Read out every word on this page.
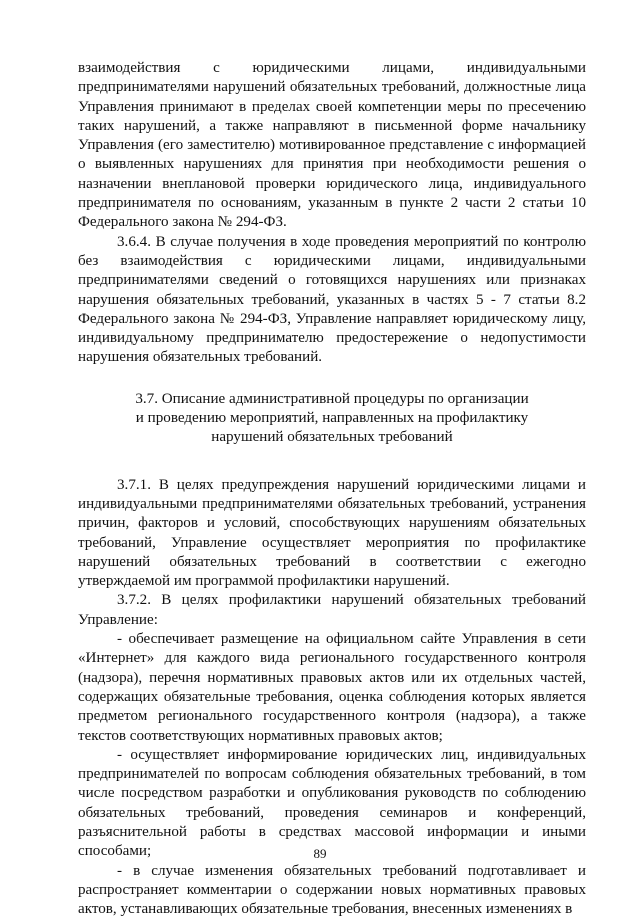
взаимодействия с юридическими лицами, индивидуальными предпринимателями нарушений обязательных требований, должностные лица Управления принимают в пределах своей компетенции меры по пресечению таких нарушений, а также направляют в письменной форме начальнику Управления (его заместителю) мотивированное представление с информацией о выявленных нарушениях для принятия при необходимости решения о назначении внеплановой проверки юридического лица, индивидуального предпринимателя по основаниям, указанным в пункте 2 части 2 статьи 10 Федерального закона № 294-ФЗ.

3.6.4. В случае получения в ходе проведения мероприятий по контролю без взаимодействия с юридическими лицами, индивидуальными предпринимателями сведений о готовящихся нарушениях или признаках нарушения обязательных требований, указанных в частях 5 - 7 статьи 8.2 Федерального закона № 294-ФЗ, Управление направляет юридическому лицу, индивидуальному предпринимателю предостережение о недопустимости нарушения обязательных требований.

3.7. Описание административной процедуры по организации
и проведению мероприятий, направленных на профилактику
нарушений обязательных требований

3.7.1. В целях предупреждения нарушений юридическими лицами и индивидуальными предпринимателями обязательных требований, устранения причин, факторов и условий, способствующих нарушениям обязательных требований, Управление осуществляет мероприятия по профилактике нарушений обязательных требований в соответствии с ежегодно утверждаемой им программой профилактики нарушений.

3.7.2. В целях профилактики нарушений обязательных требований Управление:

- обеспечивает размещение на официальном сайте Управления в сети «Интернет» для каждого вида регионального государственного контроля (надзора), перечня нормативных правовых актов или их отдельных частей, содержащих обязательные требования, оценка соблюдения которых является предметом регионального государственного контроля (надзора), а также текстов соответствующих нормативных правовых актов;

- осуществляет информирование юридических лиц, индивидуальных предпринимателей по вопросам соблюдения обязательных требований, в том числе посредством разработки и опубликования руководств по соблюдению обязательных требований, проведения семинаров и конференций, разъяснительной работы в средствах массовой информации и иными способами;

- в случае изменения обязательных требований подготавливает и распространяет комментарии о содержании новых нормативных правовых актов, устанавливающих обязательные требования, внесенных изменениях в

89
